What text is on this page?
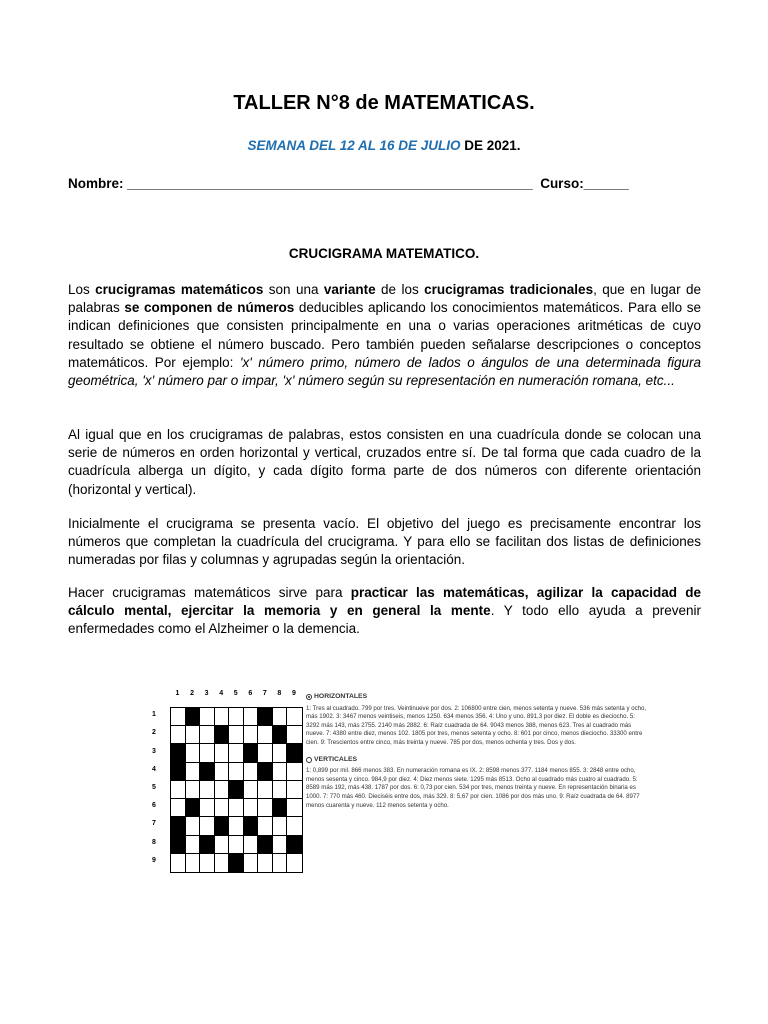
TALLER N°8 de MATEMATICAS.
SEMANA DEL 12 AL 16 DE JULIO DE 2021.
Nombre: ______________________________________________________  Curso:______
CRUCIGRAMA MATEMATICO.
Los crucigramas matemáticos son una variante de los crucigramas tradicionales, que en lugar de palabras se componen de números deducibles aplicando los conocimientos matemáticos. Para ello se indican definiciones que consisten principalmente en una o varias operaciones aritméticas de cuyo resultado se obtiene el número buscado. Pero también pueden señalarse descripciones o conceptos matemáticos. Por ejemplo: 'x' número primo, número de lados o ángulos de una determinada figura geométrica, 'x' número par o impar, 'x' número según su representación en numeración romana, etc...
Al igual que en los crucigramas de palabras, estos consisten en una cuadrícula donde se colocan una serie de números en orden horizontal y vertical, cruzados entre sí. De tal forma que cada cuadro de la cuadrícula alberga un dígito, y cada dígito forma parte de dos números con diferente orientación (horizontal y vertical).
Inicialmente el crucigrama se presenta vacío. El objetivo del juego es precisamente encontrar los números que completan la cuadrícula del crucigrama. Y para ello se facilitan dos listas de definiciones numeradas por filas y columnas y agrupadas según la orientación.
Hacer crucigramas matemáticos sirve para practicar las matemáticas, agilizar la capacidad de cálculo mental, ejercitar la memoria y en general la mente. Y todo ello ayuda a prevenir enfermedades como el Alzheimer o la demencia.
1	2	3	4	5	6	7	8	9
1
2
3
4
5
6
7
8
9
HORIZONTALES
1: Tres al cuadrado. 799 por tres. Veintinueve por dos. 2: 106800 entre cien, menos setenta y nueve. 536 más setenta y ocho, más 1902. 3: 3467 menos veintiseis, menos 1250. 634 menos 356. 4: Uno y uno. 891,3 por diez. El doble es dieciocho. 5: 3292 más 143, más 2755. 2140 más 2882. 6: Raíz cuadrada de 64. 9043 menos 388, menos 623. Tres al cuadrado más nueve. 7: 4380 entre diez, menos 102. 1805 por tres, menos setenta y ocho. 8: 601 por cinco, menos dieciocho. 33300 entre cien. 9: Trescientos entre cinco, más treinta y nueve. 785 por dos, menos ochenta y tres. Dos y dos.
VERTICALES
1: 0,899 por mil. 866 menos 383. En numeración romana es IX. 2: 8598 menos 377. 1184 menos 855. 3: 2848 entre ocho, menos sesenta y cinco. 984,9 por diez. 4: Diez menos siete. 1295 más 8513. Ocho al cuadrado más cuatro al cuadrado. 5: 8589 más 192, más 438. 1787 por dos. 6: 0,73 por cien. 534 por tres, menos treinta y nueve. En representación binaria es 1000. 7: 770 más 460. Dieciséis entre dos, más 329. 8: 5,67 por cien. 1086 por dos más uno. 9: Raíz cuadrada de 64. 8977 menos cuarenta y nueve. 112 menos setenta y ocho.
